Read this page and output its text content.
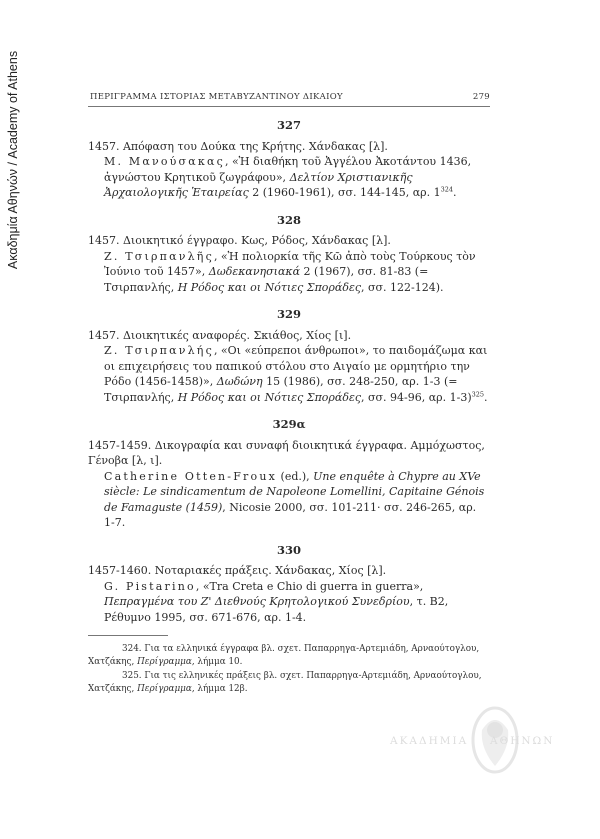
Ακαδημία Αθηνών / Academy of Athens	ΠΕΡΙΓΡΑΜΜΑ ΙΣΤΟΡΙΑΣ ΜΕΤΑΒΥΖΑΝΤΙΝΟΥ ΔΙΚΑΙΟΥ	279
327

1457. Απόφαση του Δούκα της Κρήτης. Χάνδακας [λ].

Μ. Μανούσακας, «Ἡ διαθήκη τοῦ Ἀγγέλου Ἀκοτάντου 1436, ἀγνώστου Κρητικοῦ ζωγράφου», Δελτίον Χριστιανικῆς Ἀρχαιολογικῆς Ἑταιρείας 2 (1960-1961), σσ. 144-145, αρ. $1^{324}$.

328

1457. Διοικητικό έγγραφο. Κως, Ρόδος, Χάνδακας [λ].

Ζ. Τσιρπανλῆς, «Ἡ πολιορκία τῆς Κῶ ἀπὸ τοὺς Τούρκους τὸν Ἰούνιο τοῦ 1457», Δωδεκανησιακά 2 (1967), σσ. 81-83 (= Τσιρπανλής, Η Ρόδος και οι Νότιες Σποράδες, σσ. 122-124).

329

1457. Διοικητικές αναφορές. Σκιάθος, Χίος [ι].

Ζ. Τσιρπανλής, «Οι «εύπρεποι άνθρωποι», το παιδομάζωμα και οι επιχειρήσεις του παπικού στόλου στο Αιγαίο με ορμητήριο την Ρόδο (1456-1458)», Δωδώνη 15 (1986), σσ. 248-250, αρ. 1-3 (= Τσιρπανλής, Η Ρόδος και οι Νότιες Σποράδες, σσ. 94-96, αρ. 1-3)$^{325}$.

329α

1457-1459. Δικογραφία και συναφή διοικητικά έγγραφα. Αμμόχωστος, Γένοβα [λ, ι].

Catherine Otten-Froux (ed.), Une enquête à Chypre au XVe siècle: Le sindicamentum de Napoleone Lomellini, Capitaine Génois de Famaguste (1459), Nicosie 2000, σσ. 101-211· σσ. 246-265, αρ. 1-7.

330

1457-1460. Νοταριακές πράξεις. Χάνδακας, Χίος [λ].

G. Pistarino, «Tra Creta e Chio di guerra in guerra», Πεπραγμένα του Ζ' Διεθνούς Κρητολογικού Συνεδρίου, τ. Β2, Ρέθυμνο 1995, σσ. 671-676, αρ. 1-4.

324. Για τα ελληνικά έγγραφα βλ. σχετ. Παπαρρηγα-Αρτεμιάδη, Αρναούτογλου, Χατζάκης, Περίγραμμα, λήμμα 10.

325. Για τις ελληνικές πράξεις βλ. σχετ. Παπαρρηγα-Αρτεμιάδη, Αρναούτογλου, Χατζάκης, Περίγραμμα, λήμμα 12β.

ΑΚΑΔΗΜΙΑ ΑΘΗΝΩΝ
